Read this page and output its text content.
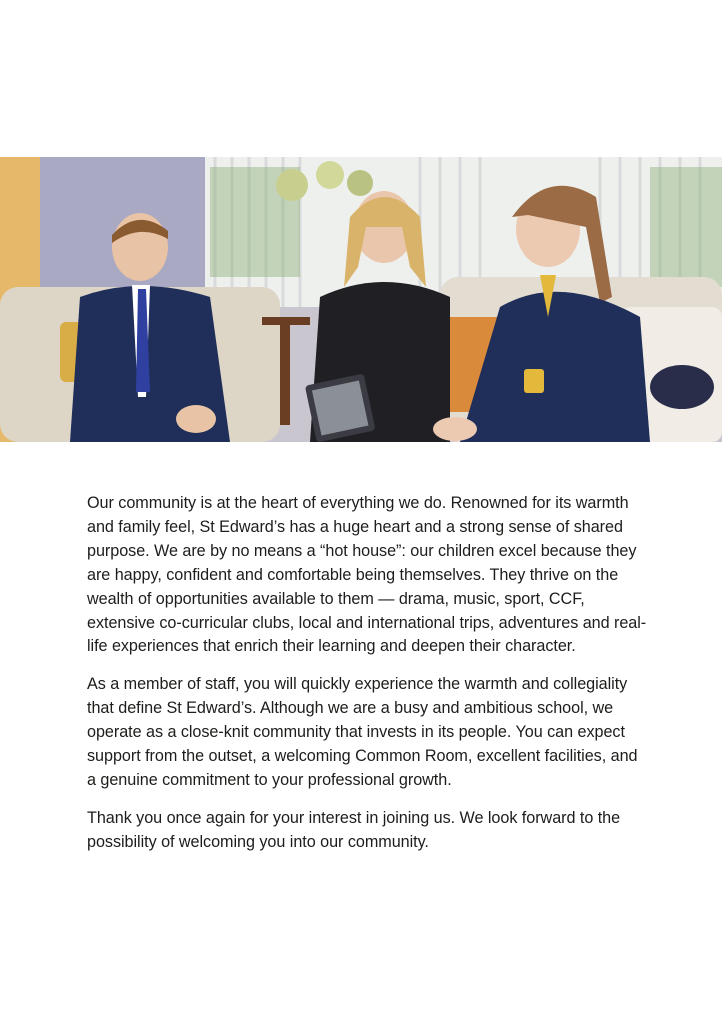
Our community is at the heart of everything we do. Renowned for its warmth and family feel, St Edward’s has a huge heart and a strong sense of shared purpose. We are by no means a “hot house”: our children excel because they are happy, confident and comfortable being themselves. They thrive on the wealth of opportunities available to them — drama, music, sport, CCF, extensive co-curricular clubs, local and international trips, adventures and real-life experiences that enrich their learning and deepen their character.

As a member of staff, you will quickly experience the warmth and collegiality that define St Edward’s. Although we are a busy and ambitious school, we operate as a close-knit community that invests in its people. You can expect support from the outset, a welcoming Common Room, excellent facilities, and a genuine commitment to your professional growth.

Thank you once again for your interest in joining us. We look forward to the possibility of welcoming you into our community.
